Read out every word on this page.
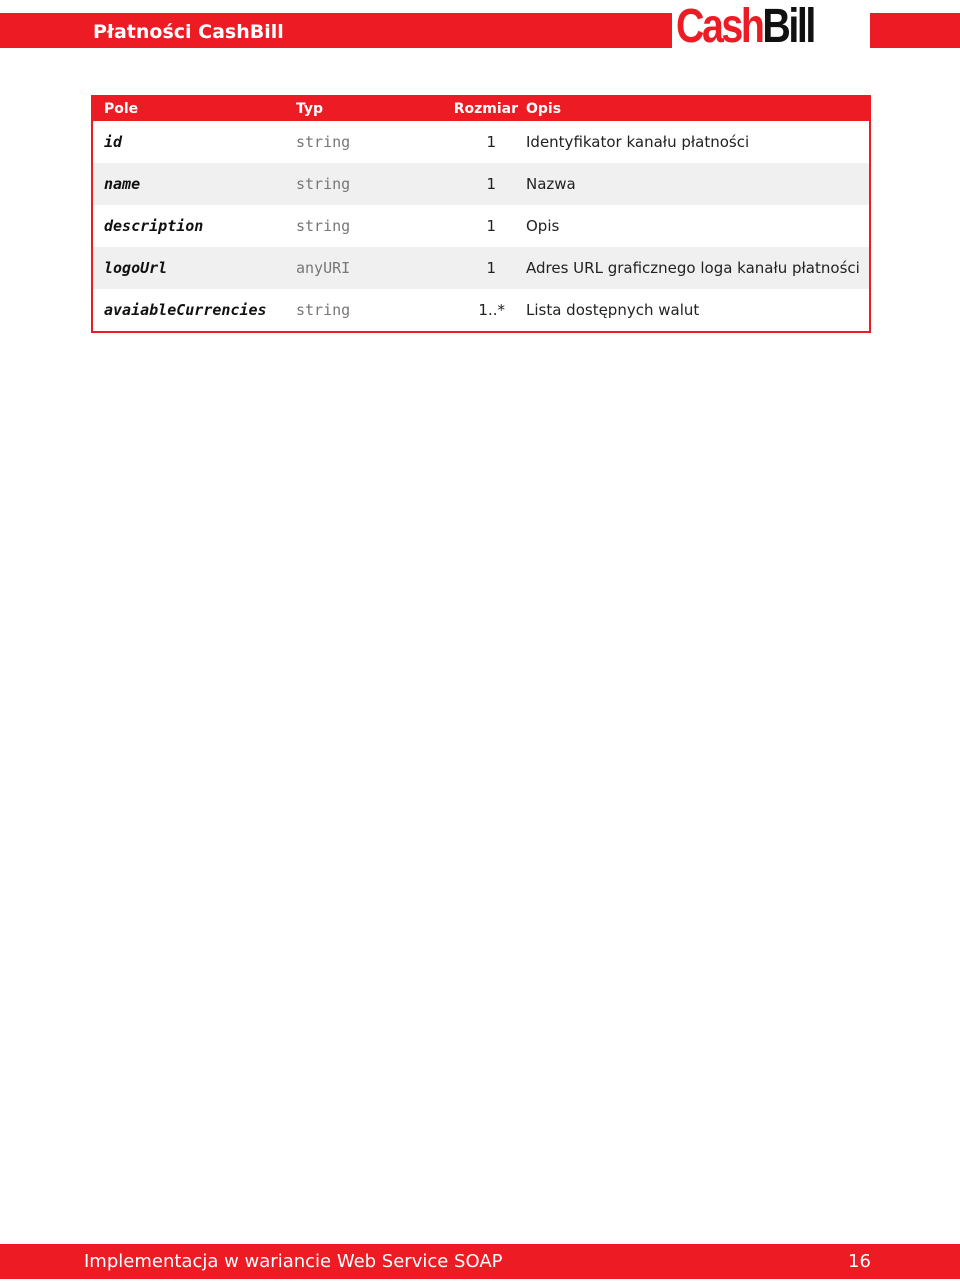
Płatności CashBill	CashBill
Pole	Typ	Rozmiar	Opis
id	string	1	Identyfikator kanału płatności
name	string	1	Nazwa
description	string	1	Opis
logoUrl	anyURI	1	Adres URL graficznego loga kanału płatności
avaiableCurrencies	string	1..*	Lista dostępnych walut
Implementacja w wariancie Web Service SOAP	16
